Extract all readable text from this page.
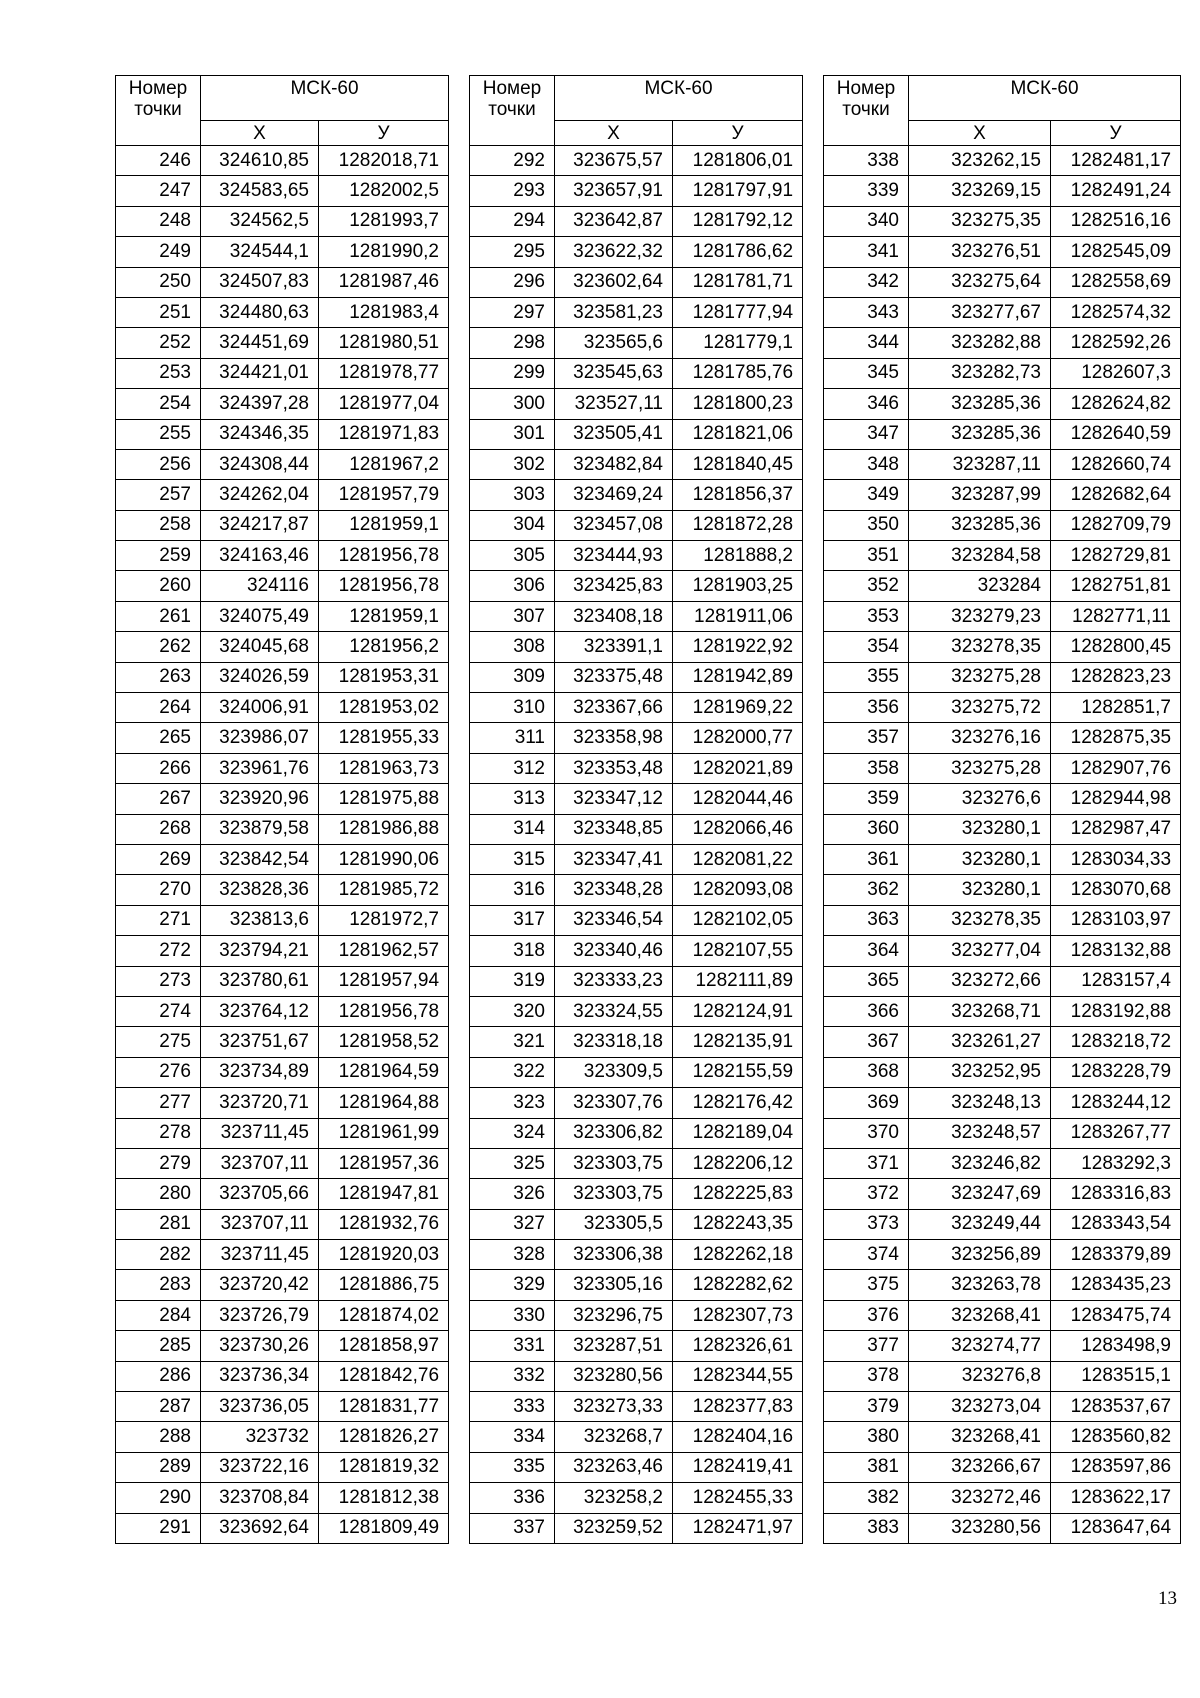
Номер
точки	МСК-60	
	X	У
246	324610,85	1282018,71
247	324583,65	1282002,5
248	324562,5	1281993,7
249	324544,1	1281990,2
250	324507,83	1281987,46
251	324480,63	1281983,4
252	324451,69	1281980,51
253	324421,01	1281978,77
254	324397,28	1281977,04
255	324346,35	1281971,83
256	324308,44	1281967,2
257	324262,04	1281957,79
258	324217,87	1281959,1
259	324163,46	1281956,78
260	324116	1281956,78
261	324075,49	1281959,1
262	324045,68	1281956,2
263	324026,59	1281953,31
264	324006,91	1281953,02
265	323986,07	1281955,33
266	323961,76	1281963,73
267	323920,96	1281975,88
268	323879,58	1281986,88
269	323842,54	1281990,06
270	323828,36	1281985,72
271	323813,6	1281972,7
272	323794,21	1281962,57
273	323780,61	1281957,94
274	323764,12	1281956,78
275	323751,67	1281958,52
276	323734,89	1281964,59
277	323720,71	1281964,88
278	323711,45	1281961,99
279	323707,11	1281957,36
280	323705,66	1281947,81
281	323707,11	1281932,76
282	323711,45	1281920,03
283	323720,42	1281886,75
284	323726,79	1281874,02
285	323730,26	1281858,97
286	323736,34	1281842,76
287	323736,05	1281831,77
288	323732	1281826,27
289	323722,16	1281819,32
290	323708,84	1281812,38
291	323692,64	1281809,49
Номер
точки	МСК-60	
	X	У
292	323675,57	1281806,01
293	323657,91	1281797,91
294	323642,87	1281792,12
295	323622,32	1281786,62
296	323602,64	1281781,71
297	323581,23	1281777,94
298	323565,6	1281779,1
299	323545,63	1281785,76
300	323527,11	1281800,23
301	323505,41	1281821,06
302	323482,84	1281840,45
303	323469,24	1281856,37
304	323457,08	1281872,28
305	323444,93	1281888,2
306	323425,83	1281903,25
307	323408,18	1281911,06
308	323391,1	1281922,92
309	323375,48	1281942,89
310	323367,66	1281969,22
311	323358,98	1282000,77
312	323353,48	1282021,89
313	323347,12	1282044,46
314	323348,85	1282066,46
315	323347,41	1282081,22
316	323348,28	1282093,08
317	323346,54	1282102,05
318	323340,46	1282107,55
319	323333,23	1282111,89
320	323324,55	1282124,91
321	323318,18	1282135,91
322	323309,5	1282155,59
323	323307,76	1282176,42
324	323306,82	1282189,04
325	323303,75	1282206,12
326	323303,75	1282225,83
327	323305,5	1282243,35
328	323306,38	1282262,18
329	323305,16	1282282,62
330	323296,75	1282307,73
331	323287,51	1282326,61
332	323280,56	1282344,55
333	323273,33	1282377,83
334	323268,7	1282404,16
335	323263,46	1282419,41
336	323258,2	1282455,33
337	323259,52	1282471,97
Номер
точки	МСК-60	
	X	У
338	323262,15	1282481,17
339	323269,15	1282491,24
340	323275,35	1282516,16
341	323276,51	1282545,09
342	323275,64	1282558,69
343	323277,67	1282574,32
344	323282,88	1282592,26
345	323282,73	1282607,3
346	323285,36	1282624,82
347	323285,36	1282640,59
348	323287,11	1282660,74
349	323287,99	1282682,64
350	323285,36	1282709,79
351	323284,58	1282729,81
352	323284	1282751,81
353	323279,23	1282771,11
354	323278,35	1282800,45
355	323275,28	1282823,23
356	323275,72	1282851,7
357	323276,16	1282875,35
358	323275,28	1282907,76
359	323276,6	1282944,98
360	323280,1	1282987,47
361	323280,1	1283034,33
362	323280,1	1283070,68
363	323278,35	1283103,97
364	323277,04	1283132,88
365	323272,66	1283157,4
366	323268,71	1283192,88
367	323261,27	1283218,72
368	323252,95	1283228,79
369	323248,13	1283244,12
370	323248,57	1283267,77
371	323246,82	1283292,3
372	323247,69	1283316,83
373	323249,44	1283343,54
374	323256,89	1283379,89
375	323263,78	1283435,23
376	323268,41	1283475,74
377	323274,77	1283498,9
378	323276,8	1283515,1
379	323273,04	1283537,67
380	323268,41	1283560,82
381	323266,67	1283597,86
382	323272,46	1283622,17
383	323280,56	1283647,64
13
